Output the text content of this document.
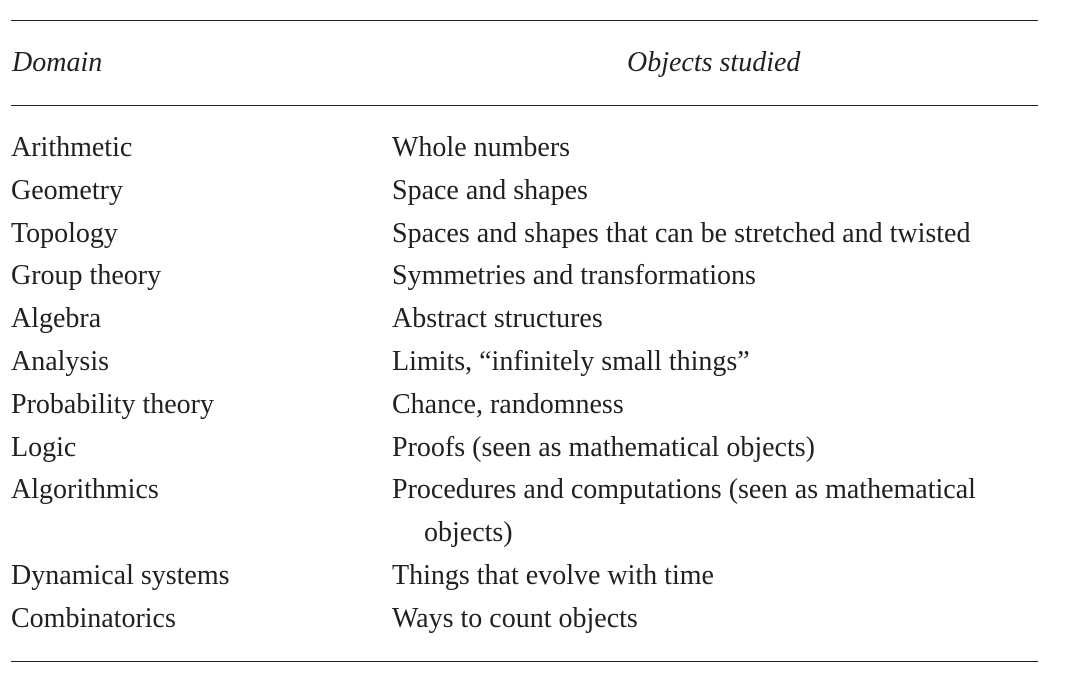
Domain	Objects studied
Arithmetic	Whole numbers
Geometry	Space and shapes
Topology	Spaces and shapes that can be stretched and twisted
Group theory	Symmetries and transformations
Algebra	Abstract structures
Analysis	Limits, “infinitely small things”
Probability theory	Chance, randomness
Logic	Proofs (seen as mathematical objects)
Algorithmics	Procedures and computations (seen as mathematical
objects)
Dynamical systems	Things that evolve with time
Combinatorics	Ways to count objects
